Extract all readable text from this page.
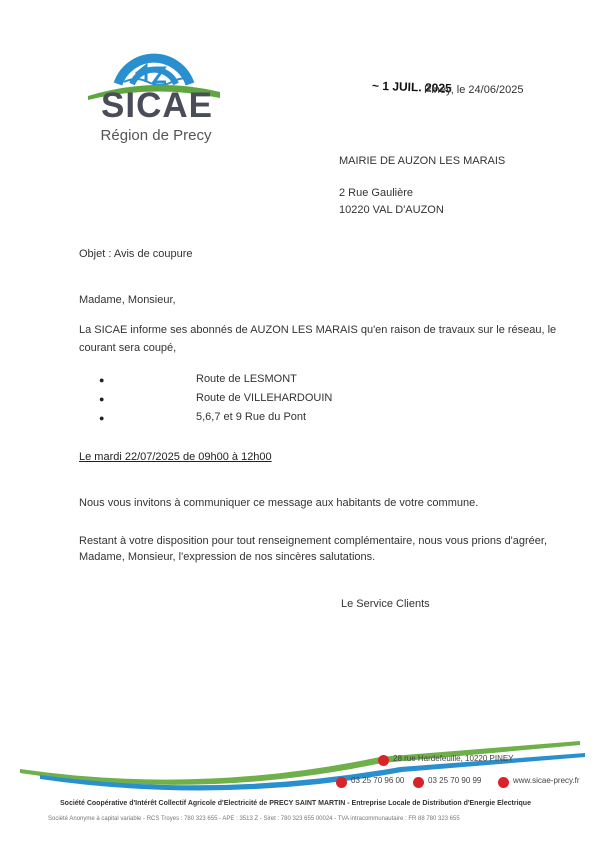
SICAE
Région de Precy
~ 1 JUIL. 2025
Piney, le 24/06/2025
MAIRIE DE AUZON LES MARAIS
2 Rue Gaulière
10220 VAL D'AUZON
Objet : Avis de coupure
Madame, Monsieur,
La SICAE informe ses abonnés de AUZON LES MARAIS qu'en raison de travaux sur le réseau, le
courant sera coupé,
●	Route de LESMONT
●	Route de VILLEHARDOUIN
●	5,6,7 et 9 Rue du Pont
Le mardi 22/07/2025 de 09h00 à 12h00
Nous vous invitons à communiquer ce message aux habitants de votre commune.
Restant à votre disposition pour tout renseignement complémentaire, nous vous prions d'agréer,
Madame, Monsieur, l'expression de nos sincères salutations.
Le Service Clients
28 rue Hardefeuille, 10220 PINEY
03 25 70 96 00	03 25 70 90 99	www.sicae-precy.fr
Société Coopérative d'Intérêt Collectif Agricole d'Electricité de PRECY SAINT MARTIN - Entreprise Locale de Distribution d'Energie Electrique
Société Anonyme à capital variable - RCS Troyes : 780 323 655 - APE : 3513 Z - Siret : 780 323 655 00024 - TVA intracommunautaire : FR 88 780 323 655
